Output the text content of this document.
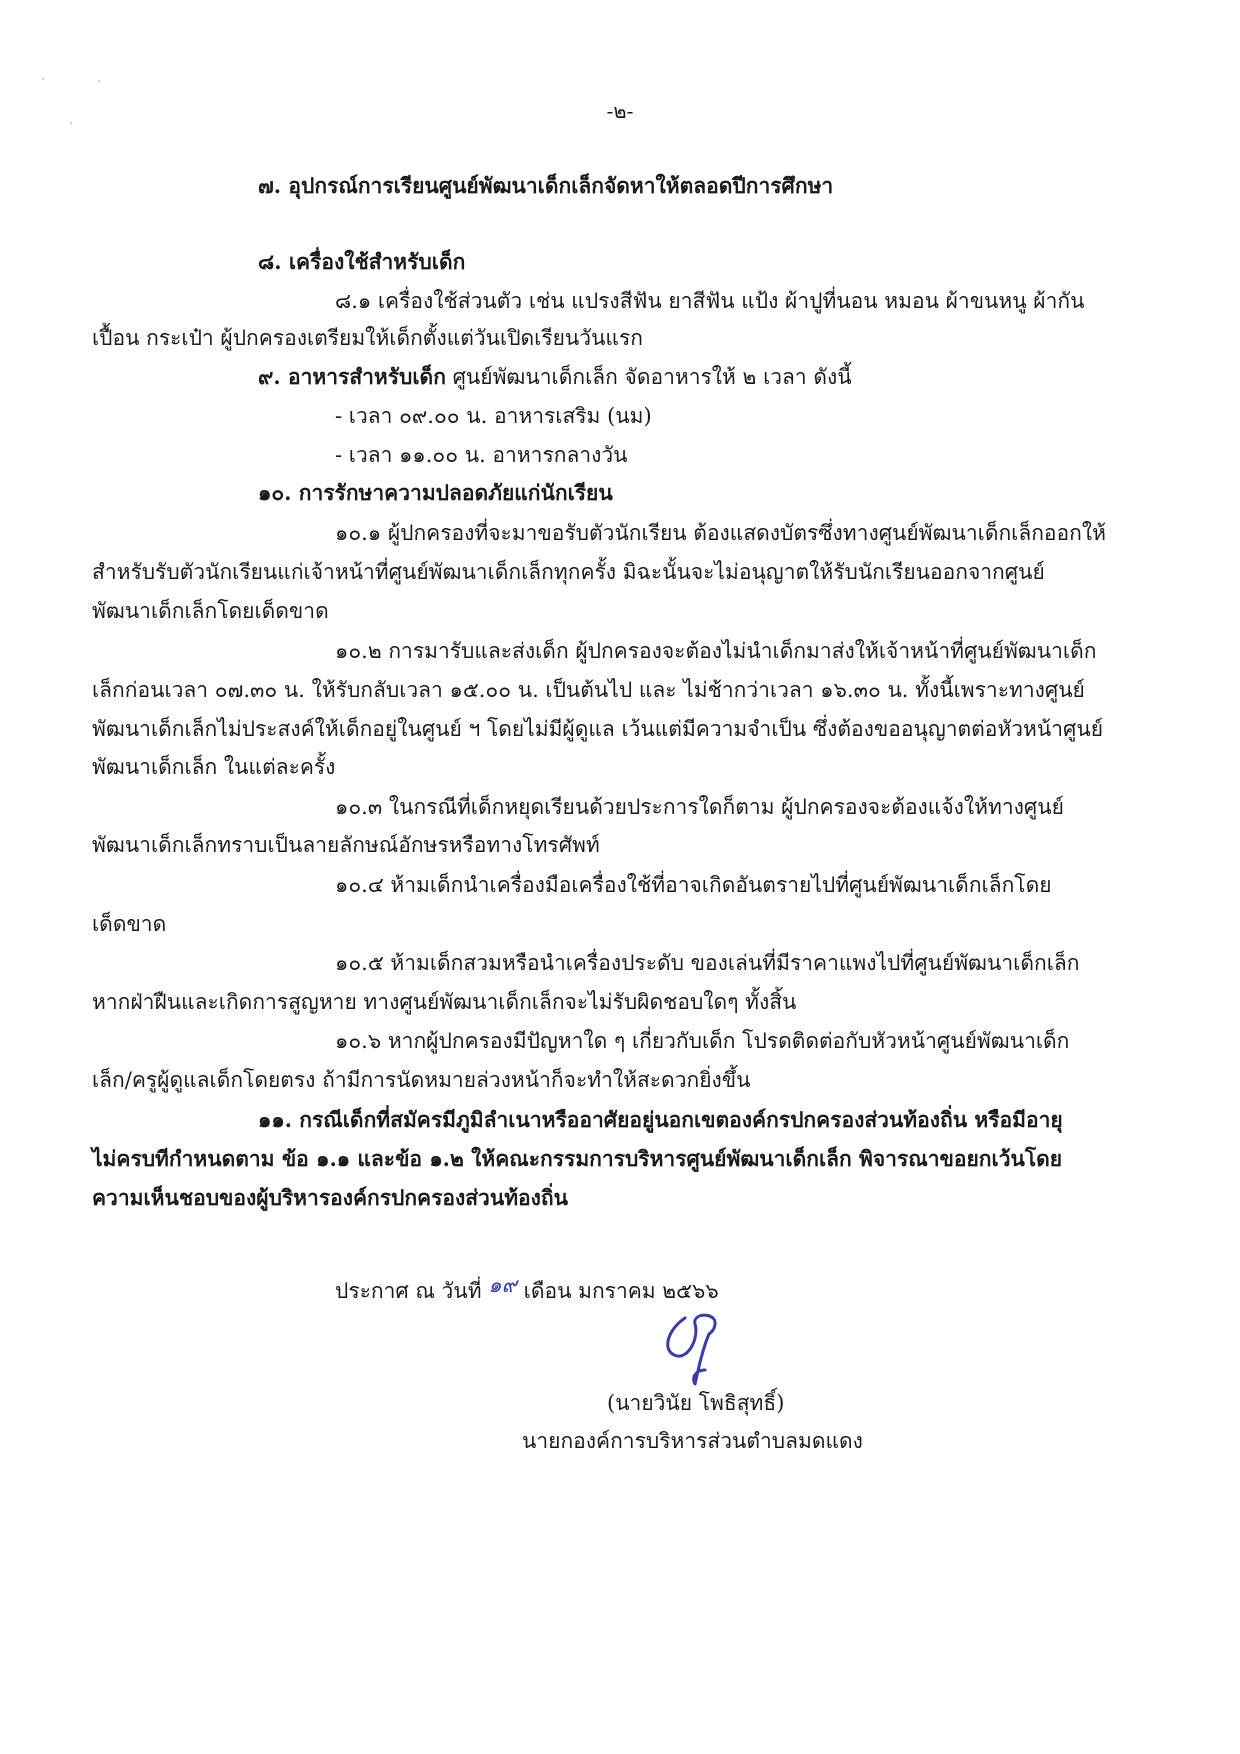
-๒-
๗. อุปกรณ์การเรียนศูนย์พัฒนาเด็กเล็กจัดหาให้ตลอดปีการศึกษา
๘. เครื่องใช้สำหรับเด็ก
๘.๑ เครื่องใช้ส่วนตัว เช่น แปรงสีฟัน ยาสีฟัน แป้ง ผ้าปูที่นอน หมอน ผ้าขนหนู ผ้ากัน
เปื้อน กระเป๋า ผู้ปกครองเตรียมให้เด็กตั้งแต่วันเปิดเรียนวันแรก
๙. อาหารสำหรับเด็ก ศูนย์พัฒนาเด็กเล็ก จัดอาหารให้ ๒ เวลา ดังนี้
- เวลา ๐๙.๐๐ น. อาหารเสริม (นม)
- เวลา ๑๑.๐๐ น. อาหารกลางวัน
๑๐. การรักษาความปลอดภัยแก่นักเรียน
๑๐.๑ ผู้ปกครองที่จะมาขอรับตัวนักเรียน ต้องแสดงบัตรซึ่งทางศูนย์พัฒนาเด็กเล็กออกให้
สำหรับรับตัวนักเรียนแก่เจ้าหน้าที่ศูนย์พัฒนาเด็กเล็กทุกครั้ง มิฉะนั้นจะไม่อนุญาตให้รับนักเรียนออกจากศูนย์
พัฒนาเด็กเล็กโดยเด็ดขาด
๑๐.๒ การมารับและส่งเด็ก ผู้ปกครองจะต้องไม่นำเด็กมาส่งให้เจ้าหน้าที่ศูนย์พัฒนาเด็ก
เล็กก่อนเวลา ๐๗.๓๐ น. ให้รับกลับเวลา ๑๕.๐๐ น. เป็นต้นไป และ ไม่ช้ากว่าเวลา ๑๖.๓๐ น. ทั้งนี้เพราะทางศูนย์
พัฒนาเด็กเล็กไม่ประสงค์ให้เด็กอยู่ในศูนย์ ฯ โดยไม่มีผู้ดูแล เว้นแต่มีความจำเป็น ซึ่งต้องขออนุญาตต่อหัวหน้าศูนย์
พัฒนาเด็กเล็ก ในแต่ละครั้ง
๑๐.๓ ในกรณีที่เด็กหยุดเรียนด้วยประการใดก็ตาม ผู้ปกครองจะต้องแจ้งให้ทางศูนย์
พัฒนาเด็กเล็กทราบเป็นลายลักษณ์อักษรหรือทางโทรศัพท์
๑๐.๔ ห้ามเด็กนำเครื่องมือเครื่องใช้ที่อาจเกิดอันตรายไปที่ศูนย์พัฒนาเด็กเล็กโดย
เด็ดขาด
๑๐.๕ ห้ามเด็กสวมหรือนำเครื่องประดับ ของเล่นที่มีราคาแพงไปที่ศูนย์พัฒนาเด็กเล็ก
หากฝ่าฝืนและเกิดการสูญหาย ทางศูนย์พัฒนาเด็กเล็กจะไม่รับผิดชอบใดๆ ทั้งสิ้น
๑๐.๖ หากผู้ปกครองมีปัญหาใด ๆ เกี่ยวกับเด็ก โปรดติดต่อกับหัวหน้าศูนย์พัฒนาเด็ก
เล็ก/ครูผู้ดูแลเด็กโดยตรง ถ้ามีการนัดหมายล่วงหน้าก็จะทำให้สะดวกยิ่งขึ้น
๑๑. กรณีเด็กที่สมัครมีภูมิลำเนาหรืออาศัยอยู่นอกเขตองค์กรปกครองส่วนท้องถิ่น หรือมีอายุ
ไม่ครบทีกำหนดตาม ข้อ ๑.๑ และข้อ ๑.๒ ให้คณะกรรมการบริหารศูนย์พัฒนาเด็กเล็ก พิจารณาขอยกเว้นโดย
ความเห็นชอบของผู้บริหารองค์กรปกครองส่วนท้องถิ่น
ประกาศ ณ วันที่ ๑๙ เดือน มกราคม ๒๕๖๖
(นายวินัย โพธิสุทธิ์)
นายกองค์การบริหารส่วนตำบลมดแดง
